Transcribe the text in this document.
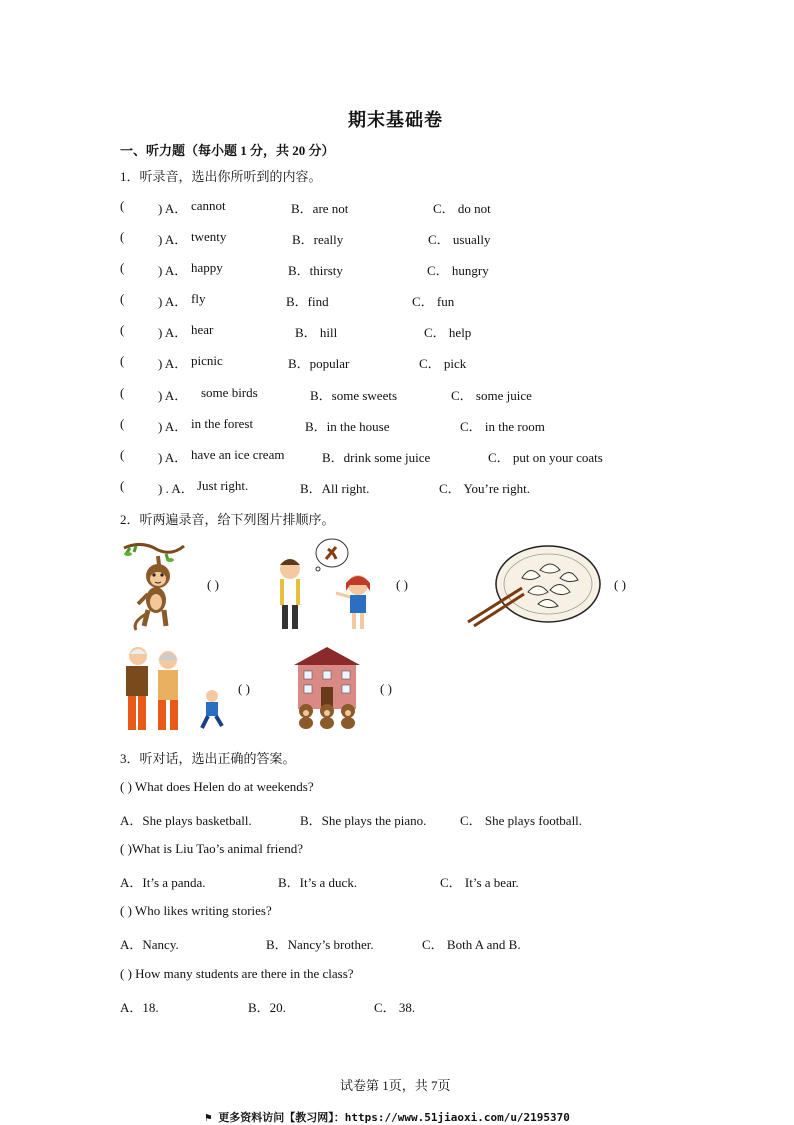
期末基础卷
一、听力题（每小题 1 分，共 20 分）
1．听录音，选出你所听到的内容。
(	) A． cannot	B．are not	C． do not
(	) A． twenty	B．really	C． usually
(	) A． happy	B．thirsty	C． hungry
(	) A． fly	B．find	C． fun
(	) A． hear	B． hill	C． help
(	) A． picnic	B．popular	C． pick
(	) A． some birds	B．some sweets	C． some juice
(	) A． in the forest	B．in the house	C． in the room
(	) A． have an ice cream	B．drink some juice	C． put on your coats
(	) . A． Just right.	B．All right.	C． You’re right.
2．听两遍录音，给下列图片排顺序。
( )	( )	( )
( )	( )
3．听对话，选出正确的答案。
( ) What does Helen do at weekends?
A．She plays basketball.	B．She plays the piano.	C． She plays football.
( )What is Liu Tao’s animal friend?
A．It’s a panda.	B．It’s a duck.	C． It’s a bear.
( ) Who likes writing stories?
A．Nancy.	B．Nancy’s brother.	C． Both A and B.
( ) How many students are there in the class?
A．18.	B．20.	C． 38.
试卷第 1页，共 7页
⚑ 更多资料访问【教习网】：https://www.51jiaoxi.com/u/2195370
